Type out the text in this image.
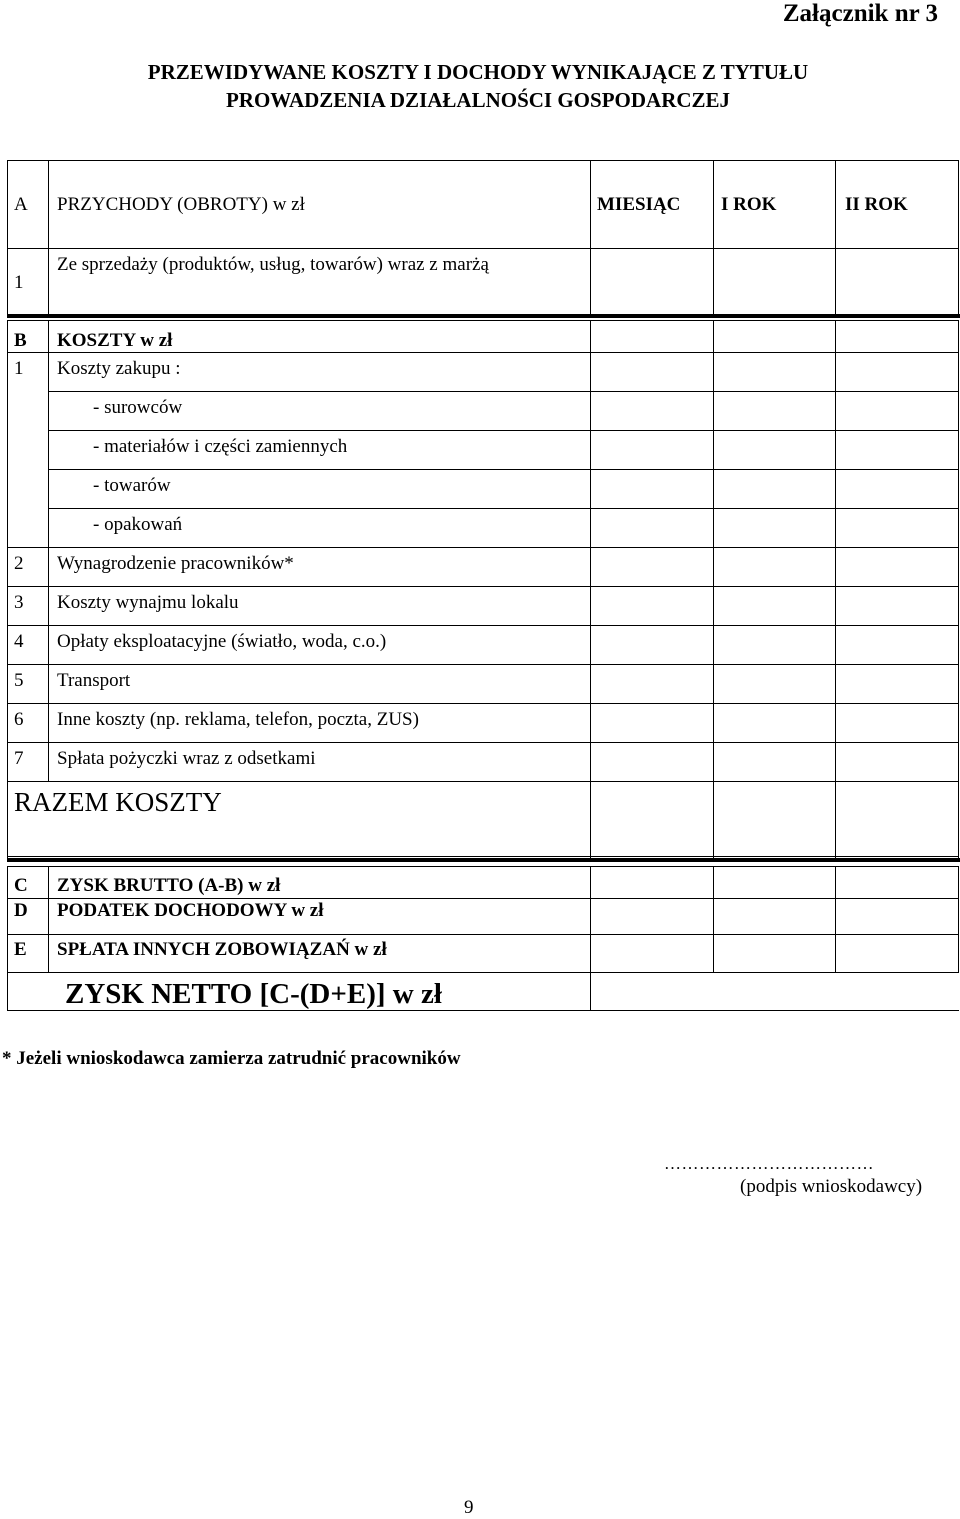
Załącznik nr 3
PRZEWIDYWANE KOSZTY I DOCHODY WYNIKAJĄCE Z TYTUŁU
PROWADZENIA DZIAŁALNOŚCI GOSPODARCZEJ
A PRZYCHODY (OBROTY) w zł	MIESIĄC I ROK	II ROK
1
Ze sprzedaży (produktów, usług, towarów) wraz z marżą
B KOSZTY w zł
1 Koszty zakupu :
- surowców
- materiałów i części zamiennych
- towarów
- opakowań
2 Wynagrodzenie pracowników*
3 Koszty wynajmu lokalu
4 Opłaty eksploatacyjne (światło, woda, c.o.)
5 Transport
6 Inne koszty (np. reklama, telefon, poczta, ZUS)
7 Spłata pożyczki wraz z odsetkami
RAZEM KOSZTY
C ZYSK BRUTTO (A-B) w zł
D PODATEK DOCHODOWY w zł
E SPŁATA INNYCH ZOBOWIĄZAŃ w zł
ZYSK NETTO [C-(D+E)] w zł
* Jeżeli wnioskodawca zamierza zatrudnić pracowników
………………………………
(podpis wnioskodawcy)
9
